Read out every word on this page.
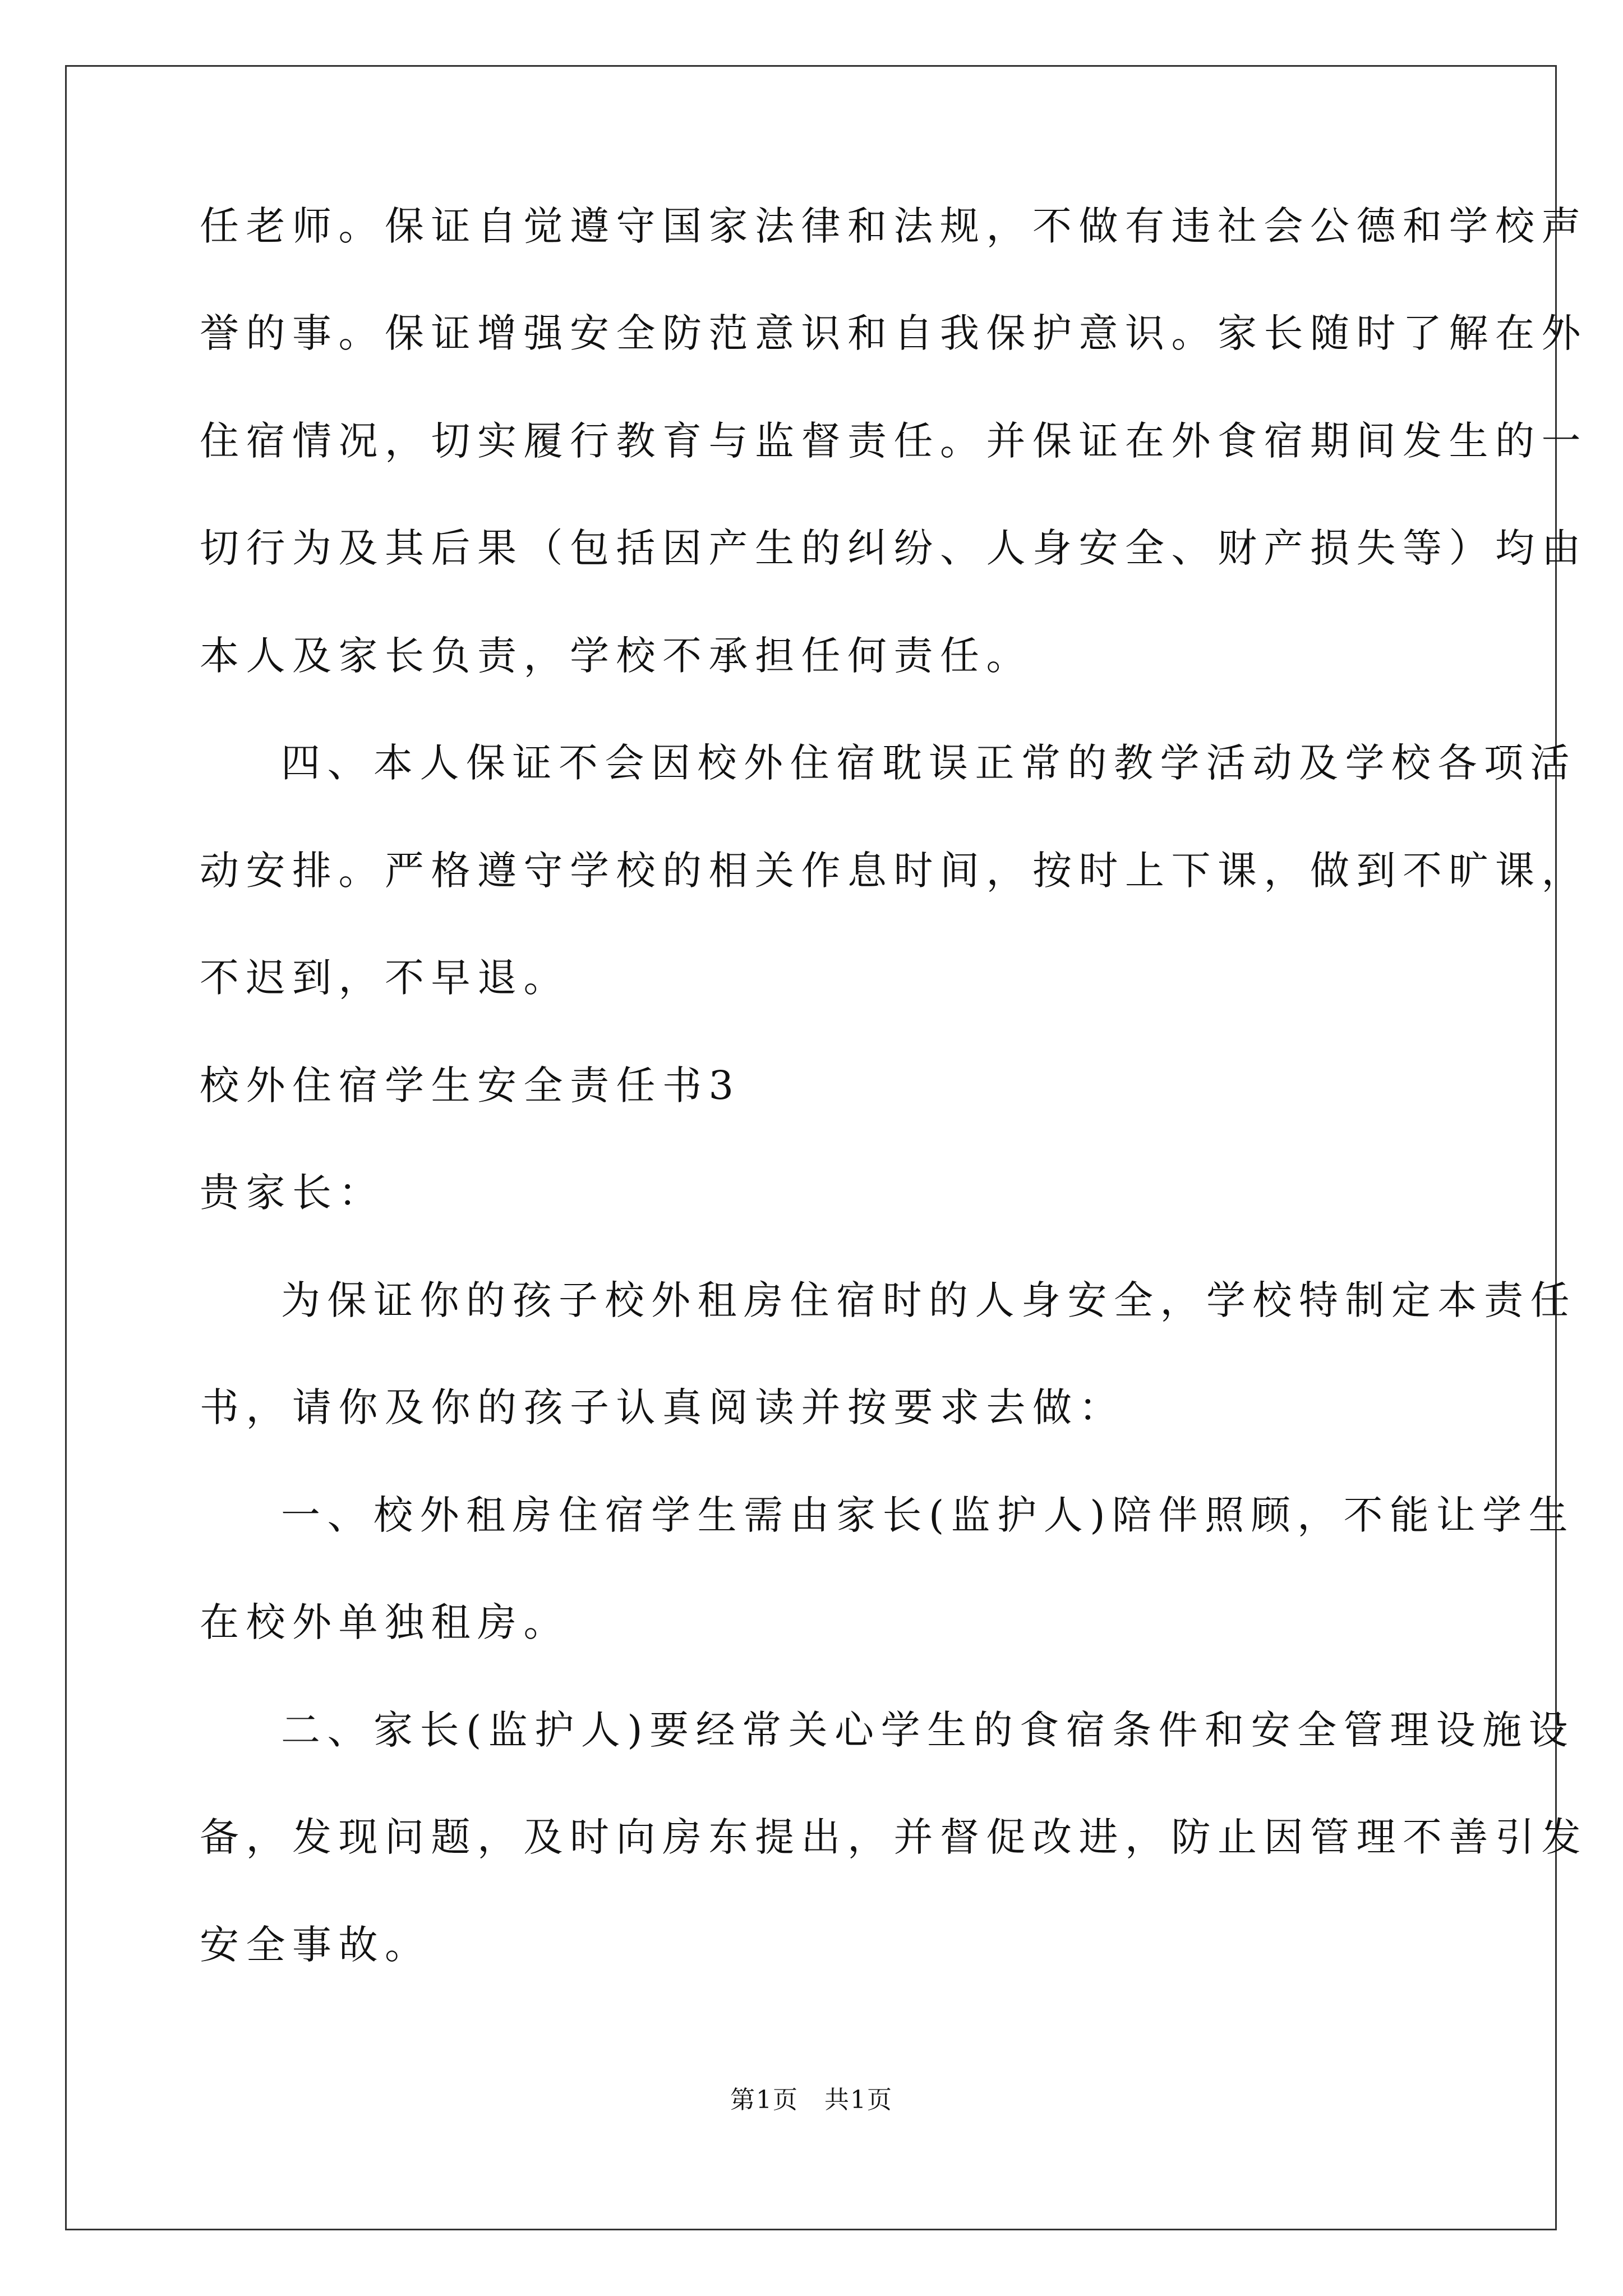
任老师。保证自觉遵守国家法律和法规，不做有违社会公德和学校声
誉的事。保证增强安全防范意识和自我保护意识。家长随时了解在外
住宿情况，切实履行教育与监督责任。并保证在外食宿期间发生的一
切行为及其后果（包括因产生的纠纷、人身安全、财产损失等）均由
本人及家长负责，学校不承担任何责任。
四、本人保证不会因校外住宿耽误正常的教学活动及学校各项活
动安排。严格遵守学校的相关作息时间，按时上下课，做到不旷课，
不迟到，不早退。
校外住宿学生安全责任书3
贵家长：
为保证你的孩子校外租房住宿时的人身安全，学校特制定本责任
书，请你及你的孩子认真阅读并按要求去做：
一、校外租房住宿学生需由家长(监护人)陪伴照顾，不能让学生
在校外单独租房。
二、家长(监护人)要经常关心学生的食宿条件和安全管理设施设
备，发现问题，及时向房东提出，并督促改进，防止因管理不善引发
安全事故。
第1页　共1页
